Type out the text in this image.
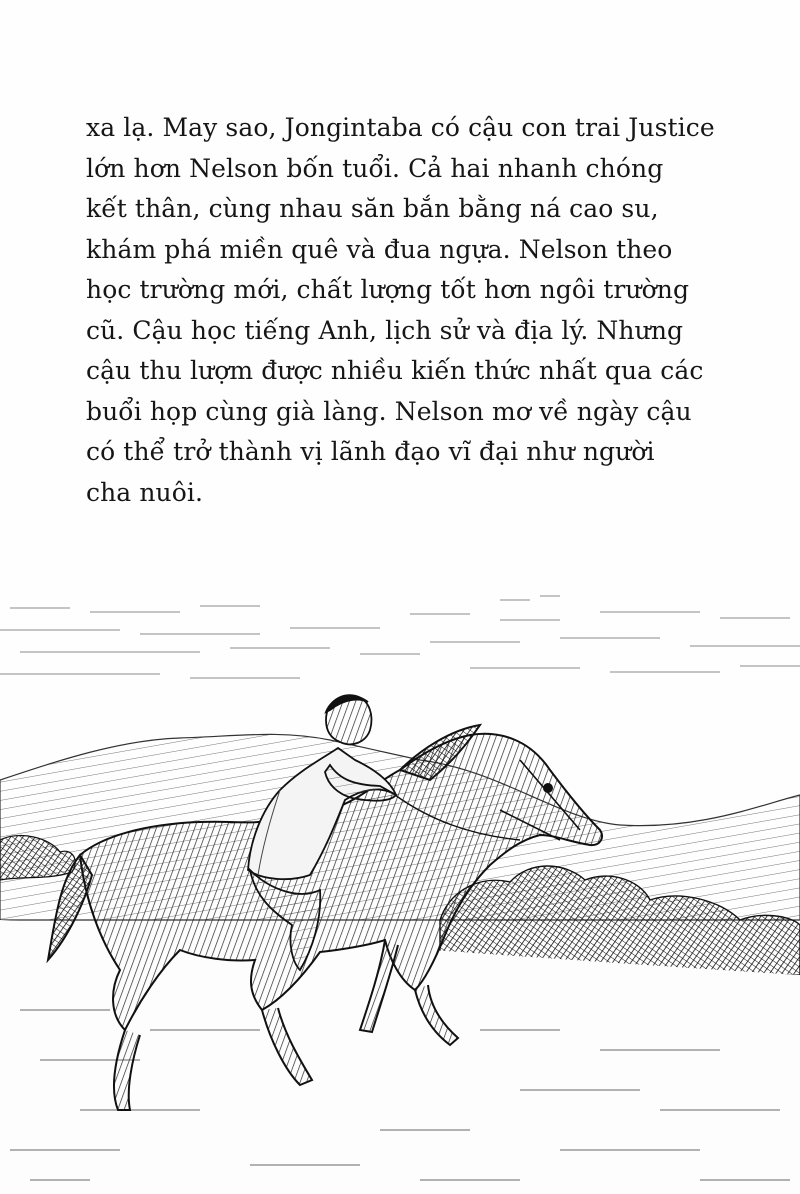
xa lạ. May sao, Jongintaba có cậu con trai Justice
lớn hơn Nelson bốn tuổi. Cả hai nhanh chóng
kết thân, cùng nhau săn bắn bằng ná cao su,
khám phá miền quê và đua ngựa. Nelson theo
học trường mới, chất lượng tốt hơn ngôi trường
cũ. Cậu học tiếng Anh, lịch sử và địa lý. Nhưng
cậu thu lượm được nhiều kiến thức nhất qua các
buổi họp cùng già làng. Nelson mơ về ngày cậu
có thể trở thành vị lãnh đạo vĩ đại như người
cha nuôi.
